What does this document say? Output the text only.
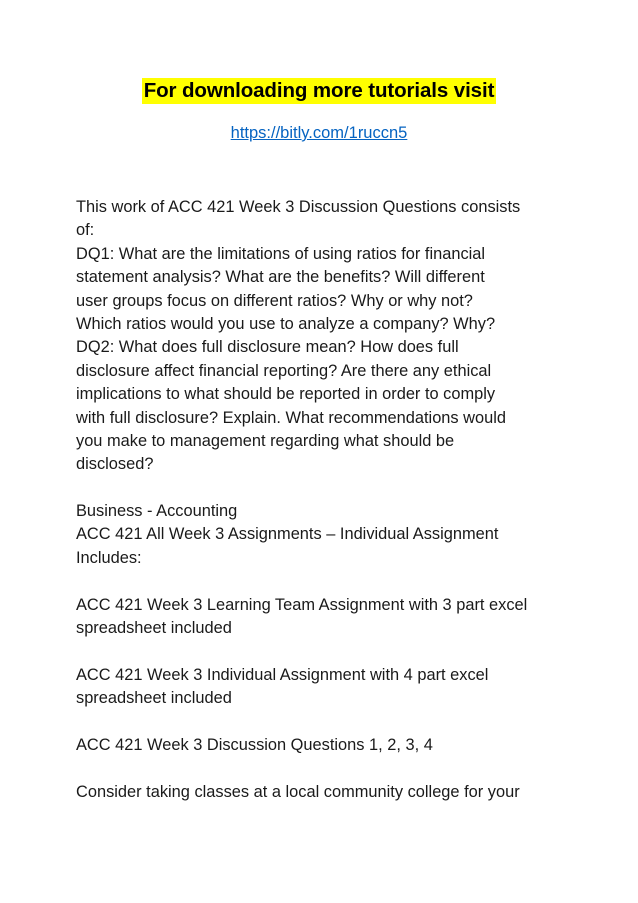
For downloading more tutorials visit
https://bitly.com/1ruccn5
This work of ACC 421 Week 3 Discussion Questions consists
of:
DQ1: What are the limitations of using ratios for financial
statement analysis? What are the benefits? Will different
user groups focus on different ratios? Why or why not?
Which ratios would you use to analyze a company? Why?
DQ2: What does full disclosure mean? How does full
disclosure affect financial reporting? Are there any ethical
implications to what should be reported in order to comply
with full disclosure? Explain. What recommendations would
you make to management regarding what should be
disclosed?
Business - Accounting
ACC 421 All Week 3 Assignments – Individual Assignment
Includes:
ACC 421 Week 3 Learning Team Assignment with 3 part excel
spreadsheet included
ACC 421 Week 3 Individual Assignment with 4 part excel
spreadsheet included
ACC 421 Week 3 Discussion Questions 1, 2, 3, 4
Consider taking classes at a local community college for your
